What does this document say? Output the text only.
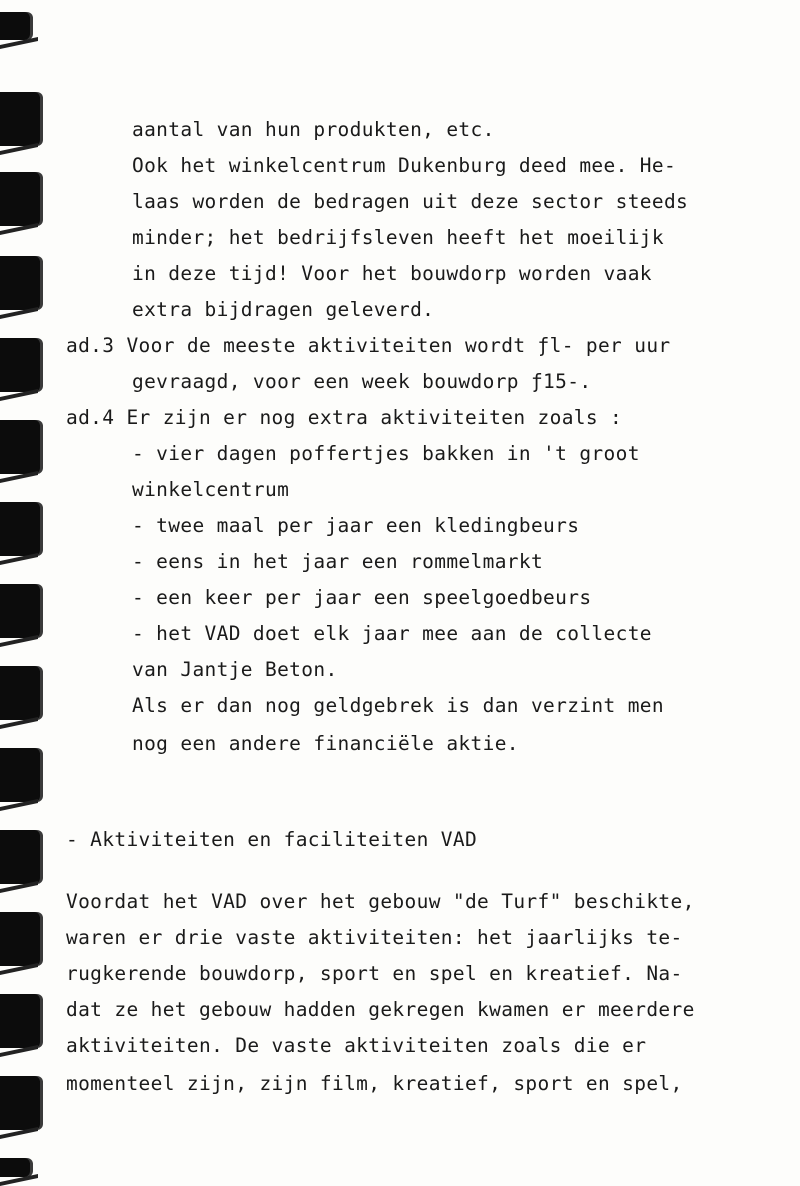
aantal van hun produkten, etc.
Ook het winkelcentrum Dukenburg deed mee. He-
laas worden de bedragen uit deze sector steeds
minder; het bedrijfsleven heeft het moeilijk
in deze tijd! Voor het bouwdorp worden vaak
extra bijdragen geleverd.
ad.3 Voor de meeste aktiviteiten wordt ƒl- per uur
gevraagd, voor een week bouwdorp ƒ15-.
ad.4 Er zijn er nog extra aktiviteiten zoals :
- vier dagen poffertjes bakken in 't groot
winkelcentrum
- twee maal per jaar een kledingbeurs
- eens in het jaar een rommelmarkt
- een keer per jaar een speelgoedbeurs
- het VAD doet elk jaar mee aan de collecte
van Jantje Beton.
Als er dan nog geldgebrek is dan verzint men
nog een andere financiële aktie.
- Aktiviteiten en faciliteiten VAD
Voordat het VAD over het gebouw "de Turf" beschikte,
waren er drie vaste aktiviteiten: het jaarlijks te-
rugkerende bouwdorp, sport en spel en kreatief. Na-
dat ze het gebouw hadden gekregen kwamen er meerdere
aktiviteiten. De vaste aktiviteiten zoals die er
momenteel zijn, zijn film, kreatief, sport en spel,
